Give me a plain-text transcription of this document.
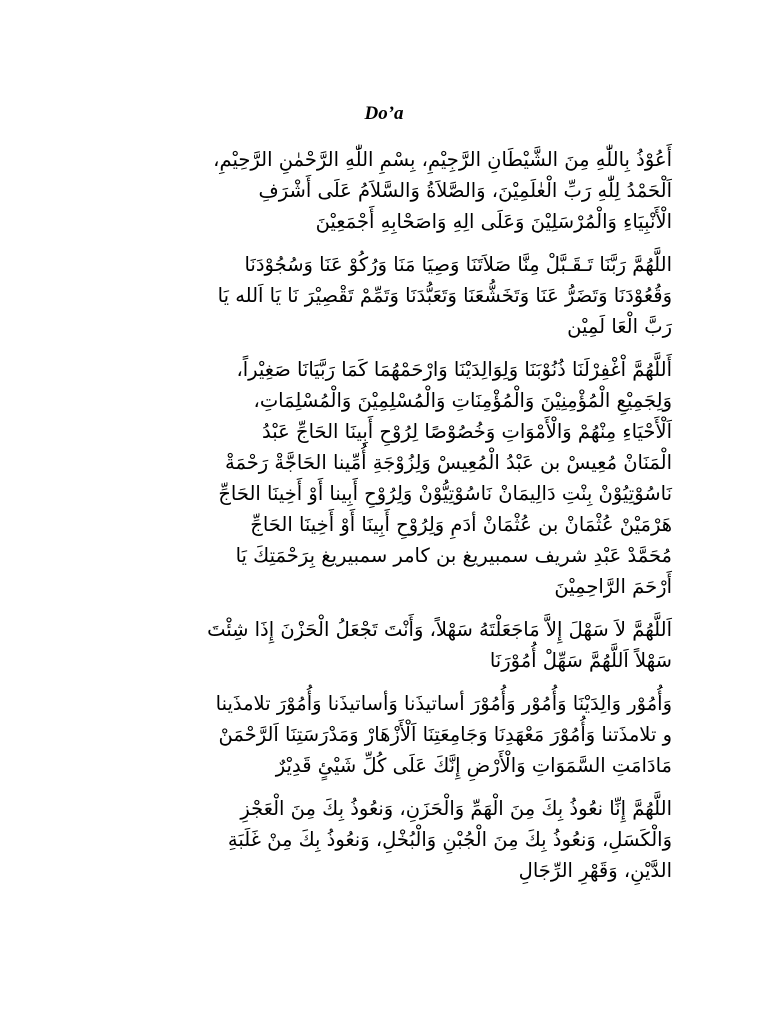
Do’a
أَعُوْذُ بِاللّٰهِ مِنَ الشَّيْطَانِ الرَّجِيْمِ، بِسْمِ اللّٰهِ الرَّحْمٰنِ الرَّحِيْمِ،
اَلْحَمْدُ لِلّٰهِ رَبِّ الْعٰلَمِيْنَ، وَالصَّلاَةُ وَالسَّلاَمُ عَلَى أَشْرَفِ
الْأَنْبِيَاءِ وَالْمُرْسَلِيْنَ وَعَلَى الِهِ وَاصَحْابِهِ أَجْمَعِيْنَ
اللَّهُمَّ رَبَّنَا تَـقَـبَّلْ مِنَّا صَلاَتَنَا وَصِيَا مَنَا وَرُكُوْ عَنَا وَسُجُوْدَنَا
وَقُعُوْدَنَا وَتَضَرُّ عَنَا وَتَخَشُّعَنَا وَتَعَبُّدَنَا وَتَمِّمْ تَقْصِيْرَ نَا يَا اَلله يَا
رَبَّ الْعَا لَمِيْن
أَللَّهُمَّ اْغْفِرْلَنَا ذُنُوْبَنَا وَلِوَالِدَيْنَا وَارْحَمْهُمَا كَمَا رَبَّيَانَا صَغِيْراً،
وَلِجَمِيْعِ الْمُؤْمِنِيْنَ وَالْمُؤْمِنَاتِ وَالْمُسْلِمِيْنَ وَالْمُسْلِمَاتِ،
اَلْأَحْيَاءِ مِنْهُمْ وَالْأَمْوَاتِ وَخُصُوْصًا لِرُوْحِ أَبِينَا الحَاجِّ عَبْدُ
الْمَنَانْ مُعِيسْ بن عَبْدُ الْمُعِيسْ وَلِزُوْجَةِ أُمِّينا الحَاجَّةْ رَحْمَةْ
نَاسُوْتِيُوْنْ بِنْتِ دَالِيمَانْ نَاسُوْتِيُّوْنْ وَلِرُوْحِ أَبِينا أَوْ أَخِينَا الحَاجِّ
هَرْمَيْنْ عُثْمَانْ بن عُثْمَانْ أدَمِ وَلِرُوْحِ أَبِينَا أَوْ أَخِينَا الحَاجِّ
مُحَمَّدْ عَبْدِ شريف سمبيريغ بن كامر سمبيريغ بِرَحْمَتِكَ يَا
أَرْحَمَ الرَّاحِمِيْنَ
اَللَّهُمَّ لاَ سَهْلَ إِلاَّ مَاجَعَلْتَهُ سَهْلاً، وَأَنْتَ تَجْعَلُ الْحَزْنَ إِذَا شِئْتَ
سَهْلاً اَللَّهُمَّ سَهِّلْ أُمُوْرَنَا
وَأُمُوْر وَالِدَيْنَا وَأُمُوْر وَأُمُوْرَ أساتيذَنا وَأساتيذَنا وَأُمُوْرَ تلامذَينا
و تلامذَتنا وَأُمُوْرَ مَعْهَدِنَا وَجَامِعَتِنَا اَلْأَزْهَارْ وَمَدْرَسَتِنَا اَلرَّحْمَنْ
مَادَامَتِ السَّمَوَاتِ وَالْأَرْضِ إِنَّكَ عَلَى كُلِّ شَيْئٍ قَدِيْرٌ
اللَّهُمَّ إِنِّا نعُوذُ بِكَ مِنَ الْهَمِّ وَالْحَزَنِ، وَنعُوذُ بِكَ مِنَ الْعَجْزِ
وَالْكَسَلِ، وَنعُوذُ بِكَ مِنَ الْجُبْنِ وَالْبُخْلِ، وَنعُوذُ بِكَ مِنْ غَلَبَةِ
الدَّيْنِ، وَقَهْرِ الرِّجَالِ
